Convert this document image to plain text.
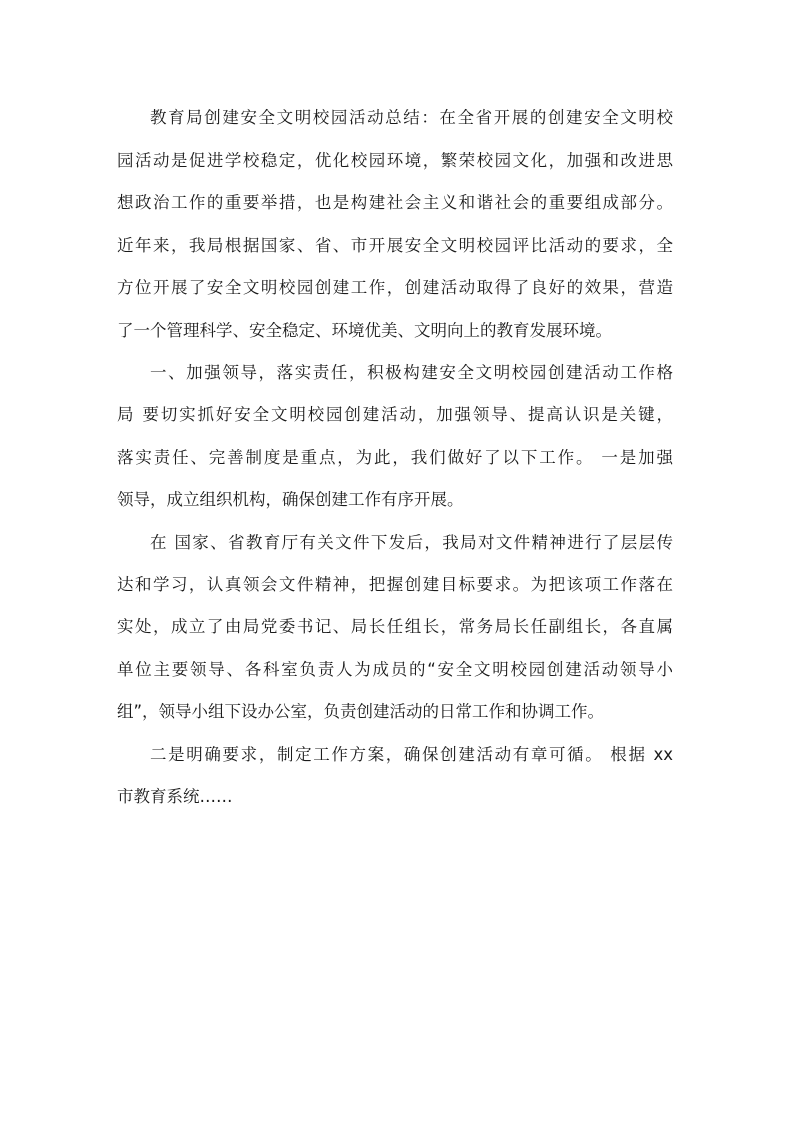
教育局创建安全文明校园活动总结：在全省开展的创建安全文明校
园活动是促进学校稳定，优化校园环境，繁荣校园文化，加强和改进思
想政治工作的重要举措，也是构建社会主义和谐社会的重要组成部分。
近年来，我局根据国家、省、市开展安全文明校园评比活动的要求，全
方位开展了安全文明校园创建工作，创建活动取得了良好的效果，营造
了一个管理科学、安全稳定、环境优美、文明向上的教育发展环境。
一、加强领导，落实责任，积极构建安全文明校园创建活动工作格
局 要切实抓好安全文明校园创建活动，加强领导、提高认识是关键，
落实责任、完善制度是重点，为此，我们做好了以下工作。 一是加强
领导，成立组织机构，确保创建工作有序开展。
在 国家、省教育厅有关文件下发后，我局对文件精神进行了层层传
达和学习，认真领会文件精神，把握创建目标要求。为把该项工作落在
实处，成立了由局党委书记、局长任组长，常务局长任副组长，各直属
单位主要领导、各科室负责人为成员的“安全文明校园创建活动领导小
组”，领导小组下设办公室，负责创建活动的日常工作和协调工作。
二是明确要求，制定工作方案，确保创建活动有章可循。 根据 xx
市教育系统……
